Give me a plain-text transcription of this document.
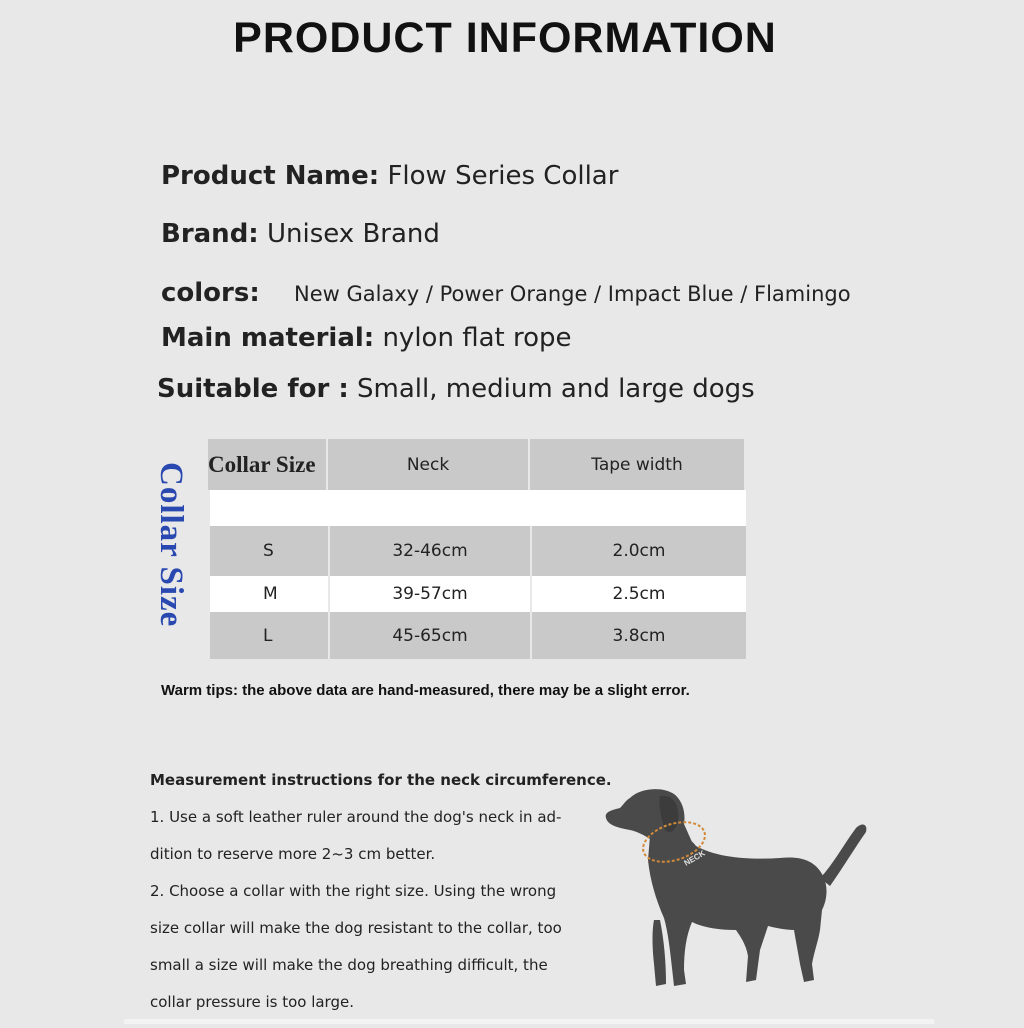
PRODUCT INFORMATION
Product Name: Flow Series Collar
Brand: Unisex Brand
colors: New Galaxy / Power Orange / Impact Blue / Flamingo
Main material: nylon flat rope
Suitable for : Small, medium and large dogs
Collar Size Collar Size	Neck	Tape width
S	32-46cm	2.0cm
M	39-57cm	2.5cm
L	45-65cm	3.8cm
Warm tips: the above data are hand-measured, there may be a slight error.
Measurement instructions for the neck circumference.
1. Use a soft leather ruler around the dog's neck in ad-
dition to reserve more 2~3 cm better.
2. Choose a collar with the right size. Using the wrong
size collar will make the dog resistant to the collar, too
small a size will make the dog breathing difficult, the
collar pressure is too large.
NECK
